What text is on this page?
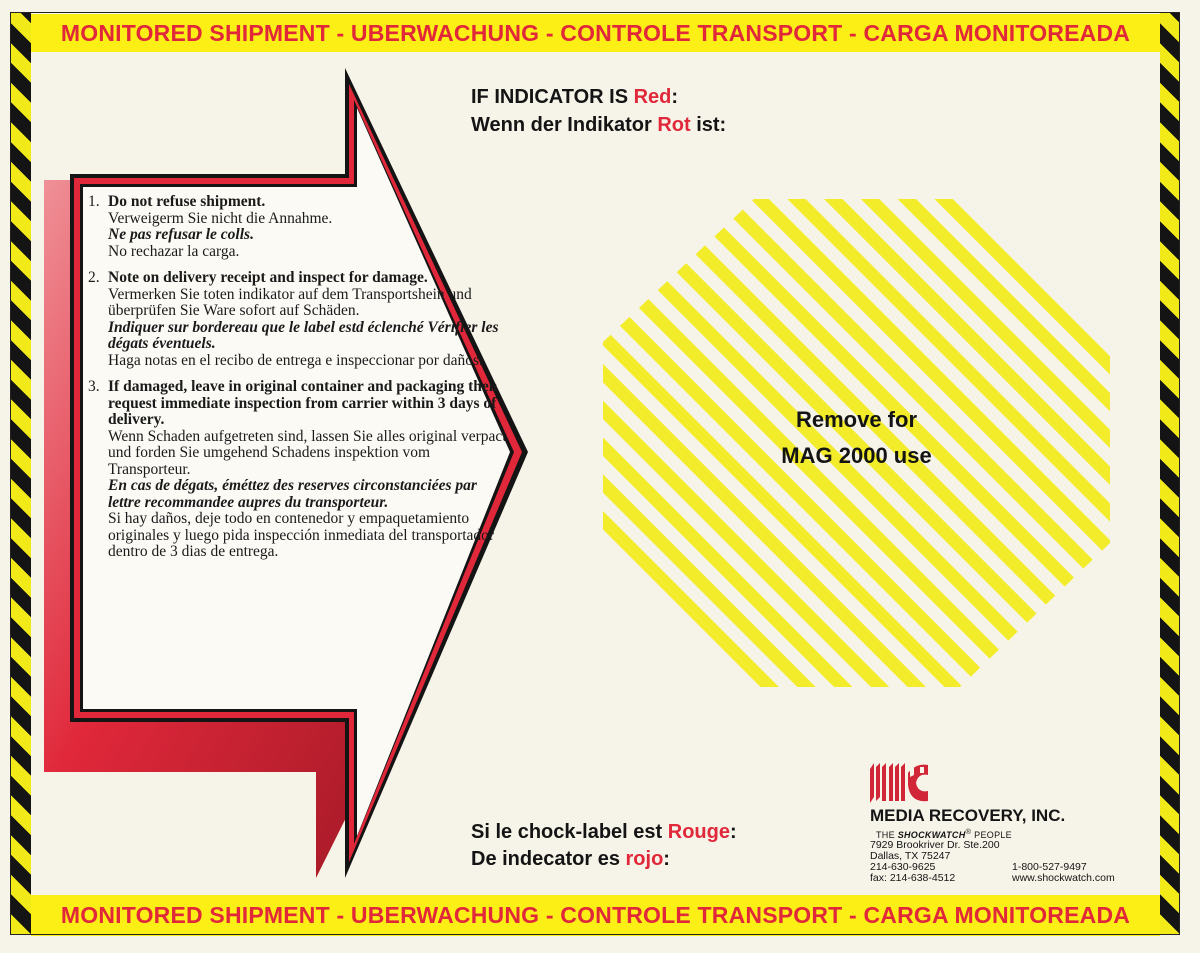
MONITORED SHIPMENT - UBERWACHUNG - CONTROLE TRANSPORT - CARGA MONITOREADA
MONITORED SHIPMENT - UBERWACHUNG - CONTROLE TRANSPORT - CARGA MONITOREADA
1. Do not refuse shipment.
Verweigerm Sie nicht die Annahme.
Ne pas refusar le colls.
No rechazar la carga.
2. Note on delivery receipt and inspect for damage.
Vermerken Sie toten indikator auf dem Transportshein und überprüfen Sie Ware sofort auf Schäden.
Indiquer sur bordereau que le label estd éclenché Vérifier les dégats éventuels.
Haga notas en el recibo de entrega e inspeccionar por daños.
3. If damaged, leave in original container and packaging then request immediate inspection from carrier within 3 days of delivery.
Wenn Schaden aufgetreten sind, lassen Sie alles original verpact und forden Sie umgehend Schadens inspektion vom Transporteur.
En cas de dégats, éméttez des reserves circonstanciées par lettre recommandee aupres du transporteur.
Si hay daños, deje todo en contenedor y empaquetamiento originales y luego pida inspección inmediata del transportador dentro de 3 dias de entrega.
IF INDICATOR IS Red:
Wenn der Indikator Rot ist:
Si le chock-label est Rouge:
De indecator es rojo:
Remove for
MAG 2000 use
MEDIA RECOVERY, INC.
THE SHOCKWATCH® PEOPLE
7929 Brookriver Dr. Ste.200
Dallas, TX 75247
214-630-9625
fax: 214-638-4512
1-800-527-9497
www.shockwatch.com
